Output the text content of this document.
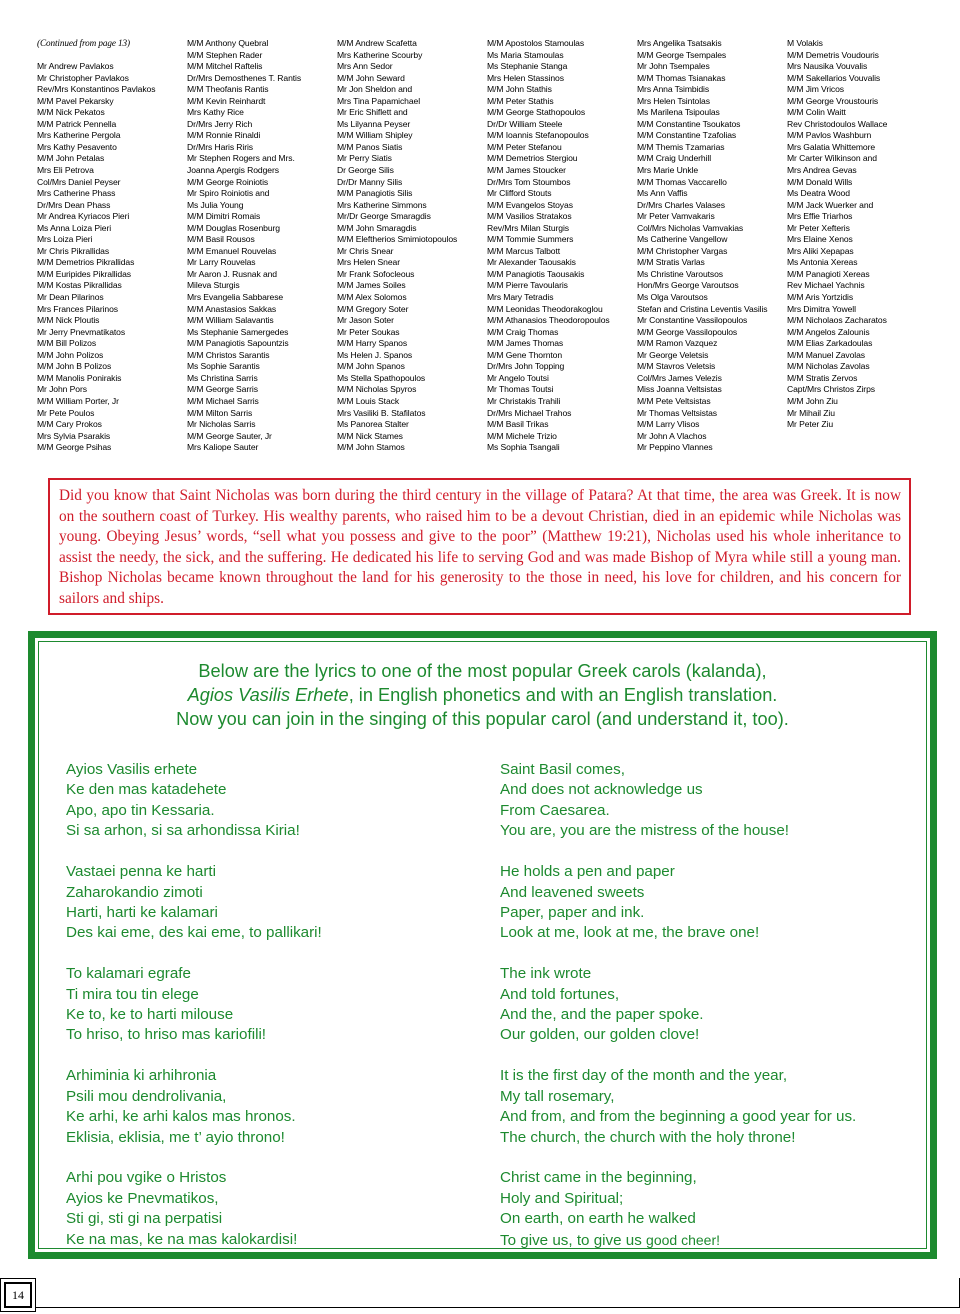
(Continued from page 13)
Mr Andrew Pavlakos
Mr Christopher Pavlakos
Rev/Mrs Konstantinos Pavlakos
M/M Pavel Pekarsky
M/M Nick Pekatos
M/M Patrick Pennella
Mrs Katherine Pergola
Mrs Kathy Pesavento
M/M John Petalas
Mrs Eli Petrova
Col/Mrs Daniel Peyser
Mrs Catherine Phass
Dr/Mrs Dean Phass
Mr Andrea Kyriacos Pieri
Ms Anna Loiza Pieri
Mrs Loiza Pieri
Mr Chris Pikrallidas
M/M Demetrios Pikrallidas
M/M Euripides Pikrallidas
M/M Kostas Pikrallidas
Mr Dean Pilarinos
Mrs Frances Pilarinos
M/M Nick Ploutis
Mr Jerry Pnevmatikatos
M/M Bill Polizos
M/M John Polizos
M/M John B Polizos
M/M Manolis Ponirakis
Mr John Pors
M/M William Porter, Jr
Mr Pete Poulos
M/M Cary Prokos
Mrs Sylvia Psarakis
M/M George Psihas
M/M Anthony Quebral
M/M Stephen Rader
M/M Mitchel Raftelis
Dr/Mrs Demosthenes T. Rantis
M/M Theofanis Rantis
M/M Kevin Reinhardt
Mrs Kathy Rice
Dr/Mrs Jerry Rich
M/M Ronnie Rinaldi
Dr/Mrs Haris Riris
Mr Stephen Rogers and Mrs.
Joanna Apergis Rodgers
M/M George Roiniotis
Mr Spiro Roiniotis and
Ms Julia Young
M/M Dimitri Romais
M/M Douglas Rosenburg
M/M Basil Rousos
M/M Emanuel Rouvelas
Mr Larry Rouvelas
Mr Aaron J. Rusnak and
Mileva Sturgis
Mrs Evangelia Sabbarese
M/M Anastasios Sakkas
M/M William Salavantis
Ms Stephanie Samergedes
M/M Panagiotis Sapountzis
M/M Christos Sarantis
Ms Sophie Sarantis
Ms Christina Sarris
M/M George Sarris
M/M Michael Sarris
M/M Milton Sarris
Mr Nicholas Sarris
M/M George Sauter, Jr
Mrs Kaliope Sauter
M/M Andrew Scafetta
Mrs Katherine Scourby
Mrs Ann Sedor
M/M John Seward
Mr Jon Sheldon and
Mrs Tina Papamichael
Mr Eric Shiflett and
Ms Lilyanna Peyser
M/M William Shipley
M/M Panos Siatis
Mr Perry Siatis
Dr George Silis
Dr/Dr Manny Silis
M/M Panagiotis Silis
Mrs Katherine Simmons
Mr/Dr George Smaragdis
M/M John Smaragdis
M/M Eleftherios Smimiotopoulos
Mr Chris Snear
Mrs Helen Snear
Mr Frank Sofocleous
M/M James Soiles
M/M Alex Solomos
M/M Gregory Soter
Mr Jason Soter
Mr Peter Soukas
M/M Harry Spanos
Ms Helen J. Spanos
M/M John Spanos
Ms Stella Spathopoulos
M/M Nicholas Spyros
M/M Louis Stack
Mrs Vasiliki B. Stafilatos
Ms Panorea Stalter
M/M Nick Stames
M/M John Stamos
M/M Apostolos Stamoulas
Ms Maria Stamoulas
Ms Stephanie Stanga
Mrs Helen Stassinos
M/M John Stathis
M/M Peter Stathis
M/M George Stathopoulos
Dr/Dr William Steele
M/M Ioannis Stefanopoulos
M/M Peter Stefanou
M/M Demetrios Stergiou
M/M James Stoucker
Dr/Mrs Tom Stoumbos
Mr Clifford Stouts
M/M Evangelos Stoyas
M/M Vasilios Stratakos
Rev/Mrs Milan Sturgis
M/M Tommie Summers
M/M Marcus Talbott
Mr Alexander Taousakis
M/M Panagiotis Taousakis
M/M Pierre Tavoularis
Mrs Mary Tetradis
M/M Leonidas Theodorakoglou
M/M Athanasios Theodoropoulos
M/M Craig Thomas
M/M James Thomas
M/M Gene Thornton
Dr/Mrs John Topping
Mr Angelo Toutsi
Mr Thomas Toutsi
Mr Christakis Trahili
Dr/Mrs Michael Trahos
M/M Basil Trikas
M/M Michele Trizio
Ms Sophia Tsangali
Mrs Angelika Tsatsakis
M/M George Tsempales
Mr John Tsempales
M/M Thomas Tsianakas
Mrs Anna Tsimbidis
Mrs Helen Tsintolas
Ms Marilena Tsipoulas
M/M Constantine Tsoukatos
M/M Constantine Tzafolias
M/M Themis Tzamarias
M/M Craig Underhill
Mrs Marie Unkle
M/M Thomas Vaccarello
Ms Ann Vaffis
Dr/Mrs Charles Valases
Mr Peter Vamvakaris
Col/Mrs Nicholas Vamvakias
Ms Catherine Vangellow
M/M Christopher Vargas
M/M Stratis Varlas
Ms Christine Varoutsos
Hon/Mrs George Varoutsos
Ms Olga Varoutsos
Stefan and Cristina Leventis Vasilis
Mr Constantine Vassilopoulos
M/M George Vassilopoulos
M/M Ramon Vazquez
Mr George Veletsis
M/M Stavros Veletsis
Col/Mrs James Velezis
Miss Joanna Veltsistas
M/M Pete Veltsistas
Mr Thomas Veltsistas
M/M Larry Vlisos
Mr John A Vlachos
Mr Peppino Vlannes
M Volakis
M/M Demetris Voudouris
Mrs Nausika Vouvalis
M/M Sakellarios Vouvalis
M/M Jim Vricos
M/M George Vroustouris
M/M Colin Waitt
Rev Christodoulos Wallace
M/M Pavlos Washburn
Mrs Galatia Whittemore
Mr Carter Wilkinson and
Mrs Andrea Gevas
M/M Donald Wills
Ms Deatra Wood
M/M Jack Wuerker and
Mrs Effie Triarhos
Mr Peter Xefteris
Mrs Elaine Xenos
Mrs Aliki Xepapas
Ms Antonia Xereas
M/M Panagioti Xereas
Rev Michael Yachnis
M/M Aris Yortzidis
Mrs Dimitra Yowell
M/M Nicholaos Zacharatos
M/M Angelos Zalounis
M/M Elias Zarkadoulas
M/M Manuel Zavolas
M/M Nicholas Zavolas
M/M Stratis Zervos
Capt/Mrs Christos Zirps
M/M John Ziu
Mr Mihail Ziu
Mr Peter Ziu

Did you know that Saint Nicholas was born during the third century in the village of Patara? At that time, the area was Greek. It is now on the southern coast of Turkey. His wealthy parents, who raised him to be a devout Christian, died in an epidemic while Nicholas was young. Obeying Jesus’ words, “sell what you possess and give to the poor” (Matthew 19:21), Nicholas used his whole inheritance to assist the needy, the sick, and the suffering. He dedicated his life to serving God and was made Bishop of Myra while still a young man. Bishop Nicholas became known throughout the land for his generosity to the those in need, his love for children, and his concern for sailors and ships.

Below are the lyrics to one of the most popular Greek carols (kalanda),
Agios Vasilis Erhete, in English phonetics and with an English translation.
Now you can join in the singing of this popular carol (and understand it, too).
Ayios Vasilis erhete
Ke den mas katadehete
Apo, apo tin Kessaria.
Si sa arhon, si sa arhondissa Kiria!
Vastaei penna ke harti
Zaharokandio zimoti
Harti, harti ke kalamari
Des kai eme, des kai eme, to pallikari!
To kalamari egrafe
Ti mira tou tin elege
Ke to, ke to harti milouse
To hriso, to hriso mas kariofili!
Arhiminia ki arhihronia
Psili mou dendrolivania,
Ke arhi, ke arhi kalos mas hronos.
Eklisia, eklisia, me t’ ayio throno!
Arhi pou vgike o Hristos
Ayios ke Pnevmatikos,
Sti gi, sti gi na perpatisi
Ke na mas, ke na mas kalokardisi!
Saint Basil comes,
And does not acknowledge us
From Caesarea.
You are, you are the mistress of the house!
He holds a pen and paper
And leavened sweets
Paper, paper and ink.
Look at me, look at me, the brave one!
The ink wrote
And told fortunes,
And the, and the paper spoke.
Our golden, our golden clove!
It is the first day of the month and the year,
My tall rosemary,
And from, and from the beginning a good year for us.
The church, the church with the holy throne!
Christ came in the beginning,
Holy and Spiritual;
On earth, on earth he walked
To give us, to give us good cheer!
14
